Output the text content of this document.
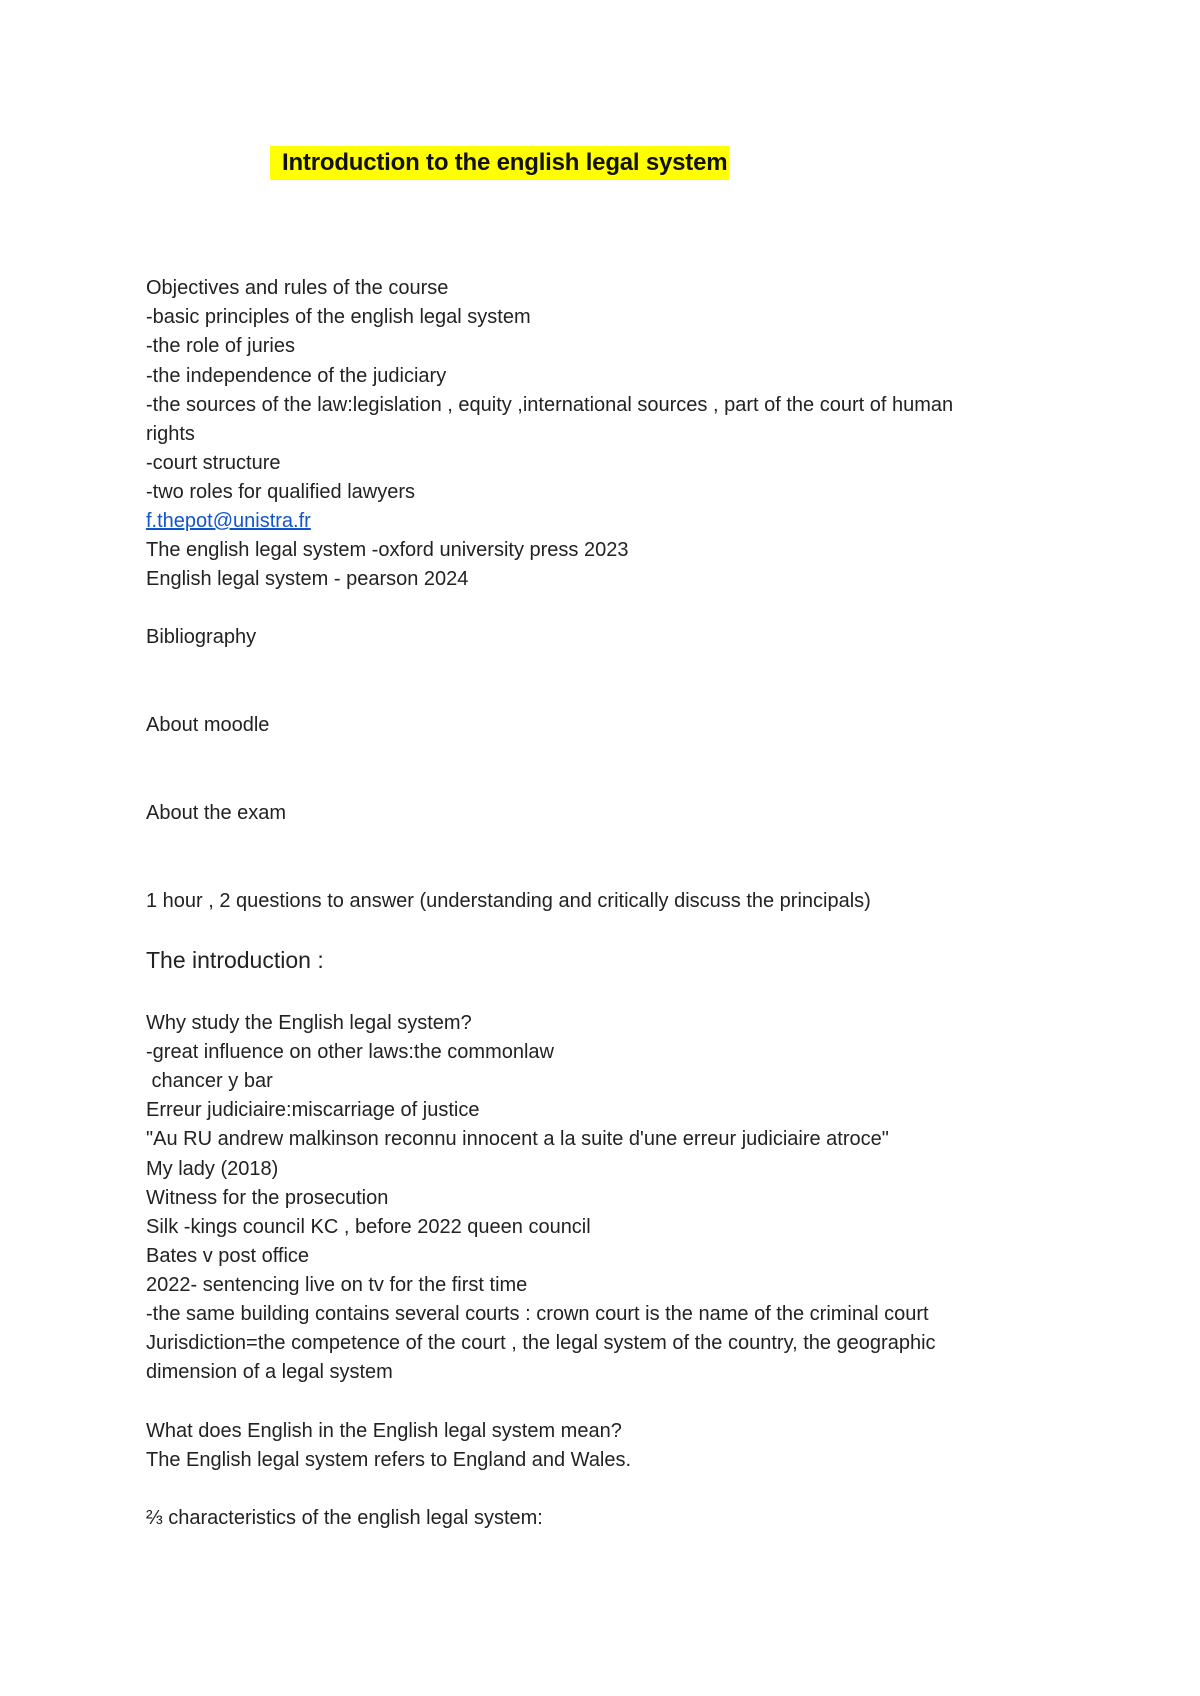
Introduction to the english legal system
Objectives and rules of the course
-basic principles of the english legal system
-the role of juries
-the independence of the judiciary
-the sources of the law:legislation , equity ,international sources , part of the court of human
rights
-court structure
-two roles for qualified lawyers
f.thepot@unistra.fr
The english legal system -oxford university press 2023
English legal system - pearson 2024
Bibliography
About moodle
About the exam
1 hour , 2 questions to answer (understanding and critically discuss the principals)
The introduction :
Why study the English legal system?
-great influence on other laws:the commonlaw
chancer y bar
Erreur judiciaire:miscarriage of justice
"Au RU andrew malkinson reconnu innocent a la suite d'une erreur judiciaire atroce"
My lady (2018)
Witness for the prosecution
Silk -kings council KC , before 2022 queen council
Bates v post office
2022- sentencing live on tv for the first time
-the same building contains several courts : crown court is the name of the criminal court
Jurisdiction=the competence of the court , the legal system of the country, the geographic
dimension of a legal system
What does English in the English legal system mean?
The English legal system refers to England and Wales.
⅔ characteristics of the english legal system:
